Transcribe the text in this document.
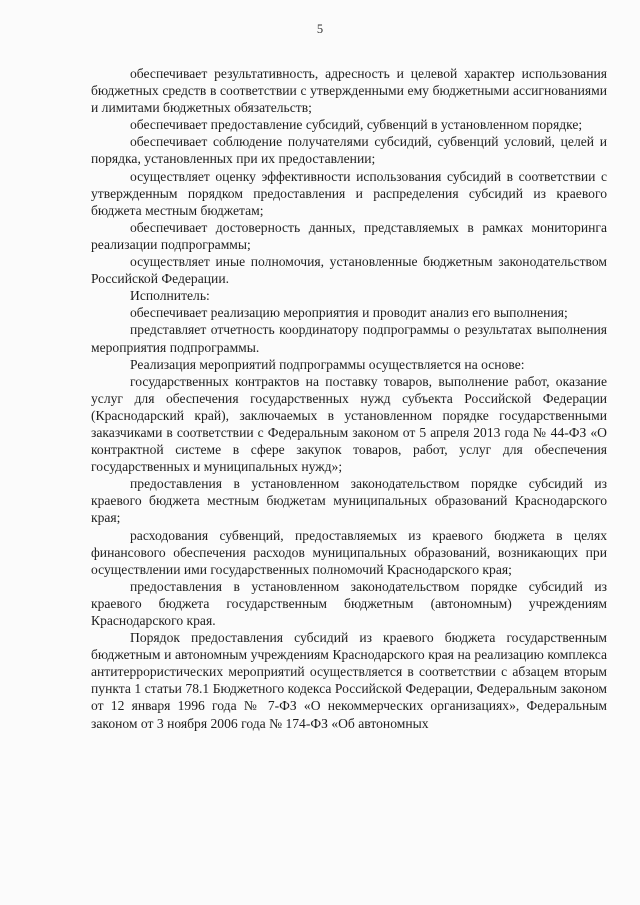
5

обеспечивает результативность, адресность и целевой характер использования бюджетных средств в соответствии с утвержденными ему бюджетными ассигнованиями и лимитами бюджетных обязательств;

обеспечивает предоставление субсидий, субвенций в установленном порядке;

обеспечивает соблюдение получателями субсидий, субвенций условий, целей и порядка, установленных при их предоставлении;

осуществляет оценку эффективности использования субсидий в соответствии с утвержденным порядком предоставления и распределения субсидий из краевого бюджета местным бюджетам;

обеспечивает достоверность данных, представляемых в рамках мониторинга реализации подпрограммы;

осуществляет иные полномочия, установленные бюджетным законодательством Российской Федерации.

Исполнитель:

обеспечивает реализацию мероприятия и проводит анализ его выполнения;

представляет отчетность координатору подпрограммы о результатах выполнения мероприятия подпрограммы.

Реализация мероприятий подпрограммы осуществляется на основе:

государственных контрактов на поставку товаров, выполнение работ, оказание услуг для обеспечения государственных нужд субъекта Российской Федерации (Краснодарский край), заключаемых в установленном порядке государственными заказчиками в соответствии с Федеральным законом от 5 апреля 2013 года № 44-ФЗ «О контрактной системе в сфере закупок товаров, работ, услуг для обеспечения государственных и муниципальных нужд»;

предоставления в установленном законодательством порядке субсидий из краевого бюджета местным бюджетам муниципальных образований Краснодарского края;

расходования субвенций, предоставляемых из краевого бюджета в целях финансового обеспечения расходов муниципальных образований, возникающих при осуществлении ими государственных полномочий Краснодарского края;

предоставления в установленном законодательством порядке субсидий из краевого бюджета государственным бюджетным (автономным) учреждениям Краснодарского края.

Порядок предоставления субсидий из краевого бюджета государственным бюджетным и автономным учреждениям Краснодарского края на реализацию комплекса антитеррористических мероприятий осуществляется в соответствии с абзацем вторым пункта 1 статьи 78.1 Бюджетного кодекса Российской Федерации, Федеральным законом от 12 января 1996 года № 7-ФЗ «О некоммерческих организациях», Федеральным законом от 3 ноября 2006 года № 174-ФЗ «Об автономных
